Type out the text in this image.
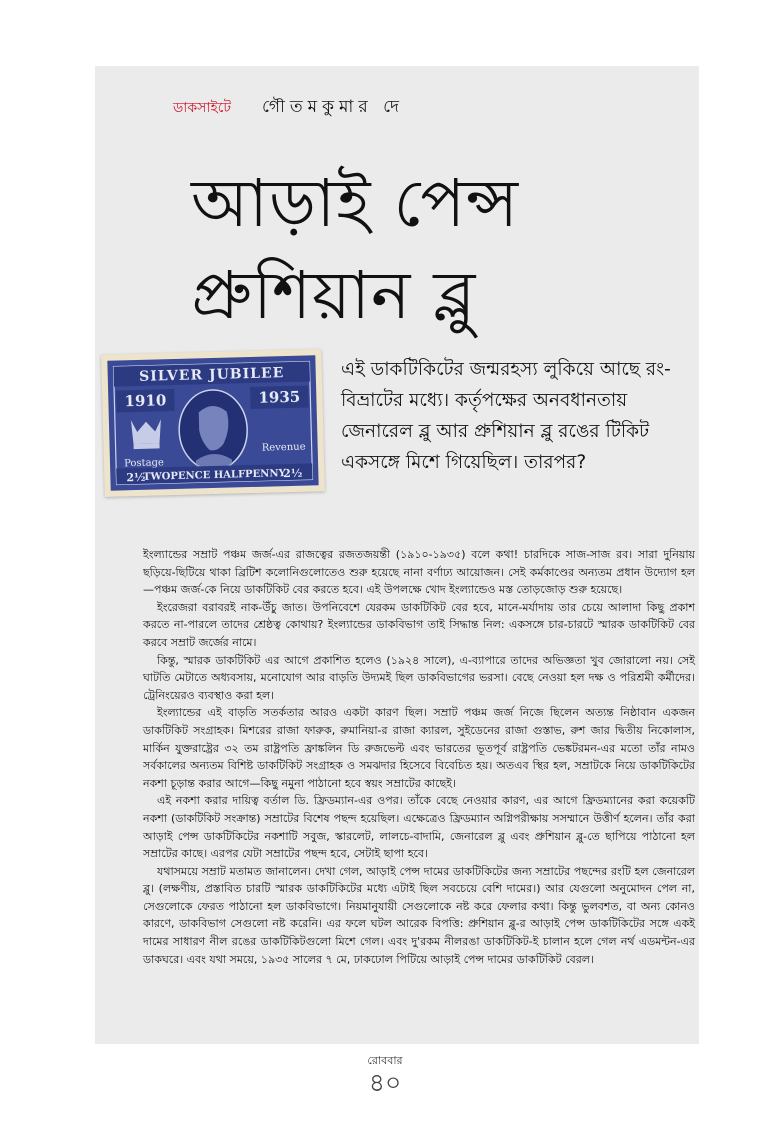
ডাকসাইটে গৌতমকুমার দে
আড়াই পেন্স
প্রুশিয়ান ব্লু
SILVER JUBILEE
1910	1935
Postage
Revenue
2½
TWOPENCE HALFPENNY
2½

এই ডাকটিকিটের জন্মরহস্য লুকিয়ে আছে রং-বিভ্রাটের মধ্যে। কর্তৃপক্ষের অনবধানতায় জেনারেল ব্লু আর প্রুশিয়ান ব্লু রঙের টিকিট একসঙ্গে মিশে গিয়েছিল। তারপর?

ইংল্যান্ডের সম্রাট পঞ্চম জর্জ-এর রাজত্বের রজতজয়ন্তী (১৯১০-১৯৩৫) বলে কথা! চারদিকে সাজ-সাজ রব। সারা দুনিয়ায় ছড়িয়ে-ছিটিয়ে থাকা ব্রিটিশ কলোনিগুলোতেও শুরু হয়েছে নানা বর্ণাঢ্য আয়োজন। সেই কর্মকাণ্ডের অন্যতম প্রধান উদ্যোগ হল—পঞ্চম জর্জ-কে নিয়ে ডাকটিকিট বের করতে হবে। এই উপলক্ষে খোদ ইংল্যান্ডেও মস্ত তোড়জোড় শুরু হয়েছে।

ইংরেজরা বরাবরই নাক-উঁচু জাত। উপনিবেশে যেরকম ডাকটিকিট বের হবে, মানে-মর্যাদায় তার চেয়ে আলাদা কিছু প্রকাশ করতে না-পারলে তাদের শ্রেষ্ঠত্ব কোথায়? ইংল্যান্ডের ডাকবিভাগ তাই সিদ্ধান্ত নিল: একসঙ্গে চার-চারটে স্মারক ডাকটিকিট বের করবে সম্রাট জর্জের নামে।

কিন্তু, স্মারক ডাকটিকিট এর আগে প্রকাশিত হলেও (১৯২৪ সালে), এ-ব্যাপারে তাদের অভিজ্ঞতা খুব জোরালো নয়। সেই ঘাটতি মেটাতে অধ্যবসায়, মনোযোগ আর বাড়তি উদ্যমই ছিল ডাকবিভাগের ভরসা। বেছে নেওয়া হল দক্ষ ও পরিশ্রমী কর্মীদের। ট্রেনিংয়েরও ব্যবস্থাও করা হল।

ইংল্যান্ডের এই বাড়তি সতর্কতার আরও একটা কারণ ছিল। সম্রাট পঞ্চম জর্জ নিজে ছিলেন অত্যন্ত নিষ্ঠাবান একজন ডাকটিকিট সংগ্রাহক। মিশরের রাজা ফারুক, রুমানিয়া-র রাজা ক্যারল, সুইডেনের রাজা গুস্তাভ, রুশ জার দ্বিতীয় নিকোলাস, মার্কিন যুক্তরাষ্ট্রের ৩২ তম রাষ্ট্রপতি ফ্রাঙ্কলিন ডি রুজভেল্ট এবং ভারতের ভূতপূর্ব রাষ্ট্রপতি ভেঙ্কটরমন-এর মতো তাঁর নামও সর্বকালের অন্যতম বিশিষ্ট ডাকটিকিট সংগ্রাহক ও সমঝদার হিসেবে বিবেচিত হয়। অতএব স্থির হল, সম্রাটকে নিয়ে ডাকটিকিটের নকশা চূড়ান্ত করার আগে—কিছু নমুনা পাঠানো হবে স্বয়ং সম্রাটের কাছেই।

এই নকশা করার দায়িত্ব বর্তাল ডি. ফ্রিডম্যান-এর ওপর। তাঁকে বেছে নেওয়ার কারণ, এর আগে ফ্রিডম্যানের করা কয়েকটি নকশা (ডাকটিকিট সংক্রান্ত) সম্রাটের বিশেষ পছন্দ হয়েছিল। এক্ষেত্রেও ফ্রিডম্যান অগ্নিপরীক্ষায় সসম্মানে উত্তীর্ণ হলেন। তাঁর করা আড়াই পেন্স ডাকটিকিটের নকশাটি সবুজ, স্কারলেট, লালচে-বাদামি, জেনারেল ব্লু এবং প্রুশিয়ান ব্লু-তে ছাপিয়ে পাঠানো হল সম্রাটের কাছে। এরপর যেটা সম্রাটের পছন্দ হবে, সেটাই ছাপা হবে।

যথাসময়ে সম্রাট মতামত জানালেন। দেখা গেল, আড়াই পেন্স দামের ডাকটিকিটের জন্য সম্রাটের পছন্দের রংটি হল জেনারেল ব্লু। (লক্ষণীয়, প্রস্তাবিত চারটি স্মারক ডাকটিকিটের মধ্যে এটাই ছিল সবচেয়ে বেশি দামের।) আর যেগুলো অনুমোদন পেল না, সেগুলোকে ফেরত পাঠানো হল ডাকবিভাগে। নিয়মানুযায়ী সেগুলোকে নষ্ট করে ফেলার কথা। কিন্তু ভুলবশত, বা অন্য কোনও কারণে, ডাকবিভাগ সেগুলো নষ্ট করেনি। এর ফলে ঘটল আরেক বিপত্তি: প্রুশিয়ান ব্লু-র আড়াই পেন্স ডাকটিকিটের সঙ্গে একই দামের সাধারণ নীল রঙের ডাকটিকিটগুলো মিশে গেল। এবং দু'রকম নীলরঙা ডাকটিকিট-ই চালান হলে গেল নর্থ এডমন্টন-এর ডাকঘরে। এবং যথা সময়ে, ১৯৩৫ সালের ৭ মে, ঢাকঢোল পিটিয়ে আড়াই পেন্স দামের ডাকটিকিট বেরল।

রোববার
৪০
